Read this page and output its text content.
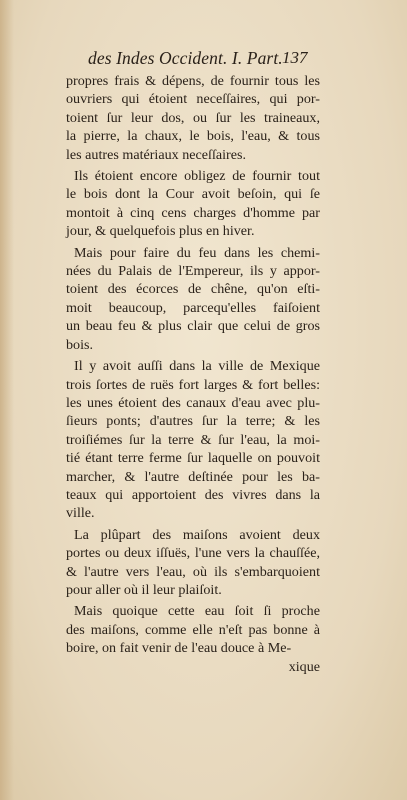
des Indes Occident. I. Part. 137
propres frais & dépens, de fournir tous les
ouvriers qui étoient neceſſaires, qui por-
toient ſur leur dos, ou ſur les traineaux,
la pierre, la chaux, le bois, l'eau, & tous
les autres matériaux neceſſaires.
Ils étoient encore obligez de fournir tout
le bois dont la Cour avoit beſoin, qui ſe
montoit à cinq cens charges d'homme par
jour, & quelquefois plus en hiver.
Mais pour faire du feu dans les chemi-
nées du Palais de l'Empereur, ils y appor-
toient des écorces de chêne, qu'on eſti-
moit beaucoup, parcequ'elles faiſoient
un beau feu & plus clair que celui de gros
bois.
Il y avoit auſſi dans la ville de Mexique
trois ſortes de ruës fort larges & fort belles:
les unes étoient des canaux d'eau avec plu-
ſieurs ponts; d'autres ſur la terre; & les
troiſiémes ſur la terre & ſur l'eau, la moi-
tié étant terre ferme ſur laquelle on pouvoit
marcher, & l'autre deſtinée pour les ba-
teaux qui apportoient des vivres dans la
ville.
La plûpart des maiſons avoient deux
portes ou deux iſſuës, l'une vers la chauſſée,
& l'autre vers l'eau, où ils s'embarquoient
pour aller où il leur plaiſoit.
Mais quoique cette eau ſoit ſi proche
des maiſons, comme elle n'eſt pas bonne à
boire, on fait venir de l'eau douce à Me-
xique
